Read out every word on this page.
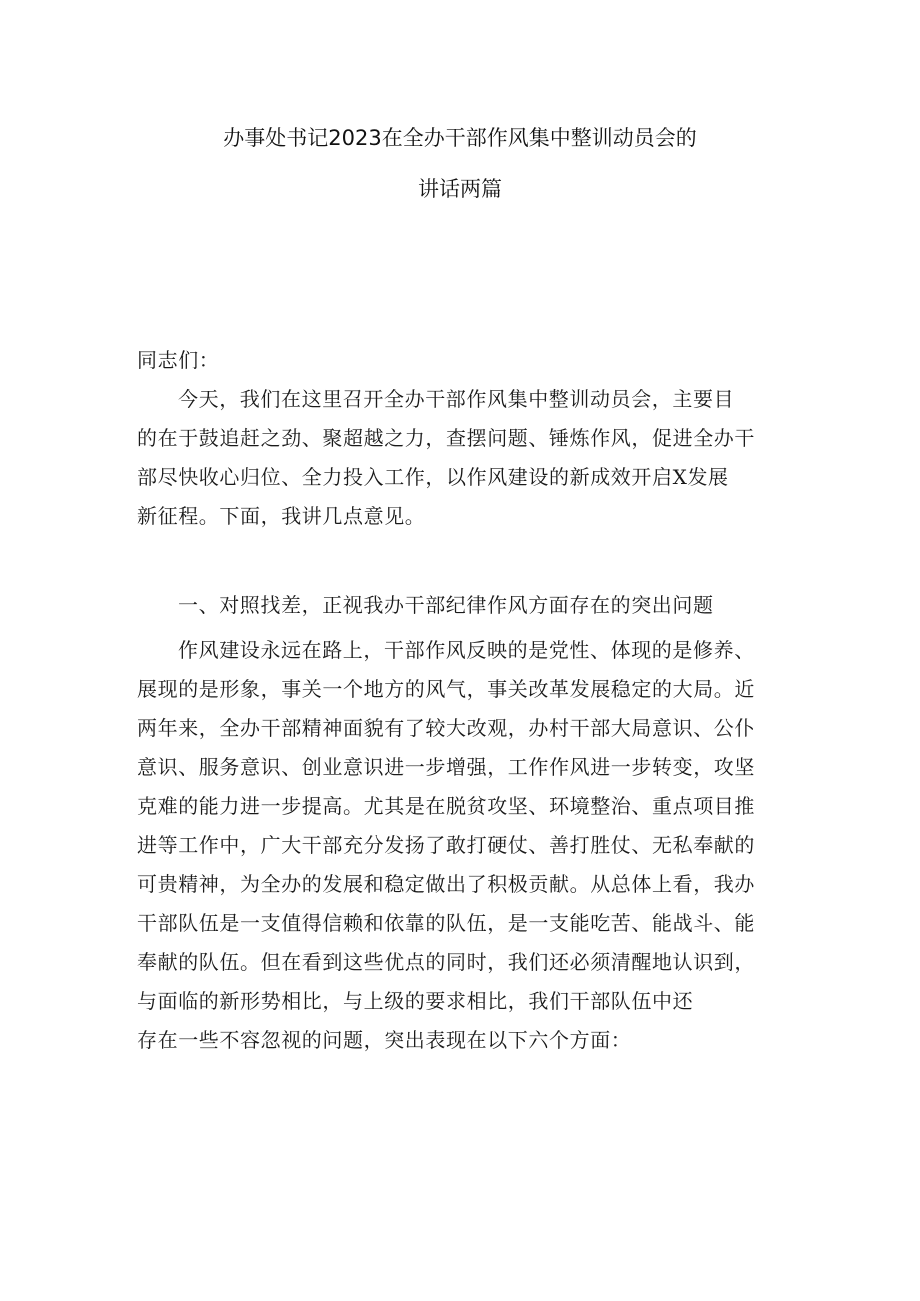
办事处书记2023在全办干部作风集中整训动员会的
讲话两篇
同志们：
今天，我们在这里召开全办干部作风集中整训动员会，主要目
的在于鼓追赶之劲、聚超越之力，查摆问题、锤炼作风，促进全办干
部尽快收心归位、全力投入工作，以作风建设的新成效开启X发展
新征程。下面，我讲几点意见。
一、对照找差，正视我办干部纪律作风方面存在的突出问题
作风建设永远在路上，干部作风反映的是党性、体现的是修养、
展现的是形象，事关一个地方的风气，事关改革发展稳定的大局。近
两年来，全办干部精神面貌有了较大改观，办村干部大局意识、公仆
意识、服务意识、创业意识进一步增强，工作作风进一步转变，攻坚
克难的能力进一步提高。尤其是在脱贫攻坚、环境整治、重点项目推
进等工作中，广大干部充分发扬了敢打硬仗、善打胜仗、无私奉献的
可贵精神，为全办的发展和稳定做出了积极贡献。从总体上看，我办
干部队伍是一支值得信赖和依靠的队伍，是一支能吃苦、能战斗、能
奉献的队伍。但在看到这些优点的同时，我们还必须清醒地认识到，
与面临的新形势相比，与上级的要求相比，我们干部队伍中还
存在一些不容忽视的问题，突出表现在以下六个方面：
